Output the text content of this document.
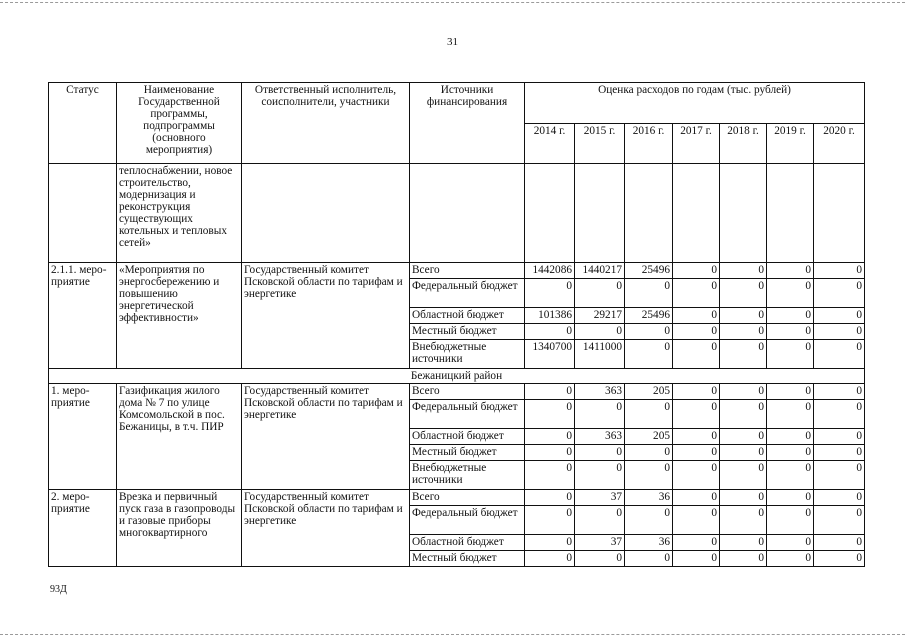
31
Статус	Наименование Государственной программы, подпрограммы (основного мероприятия)	Ответственный исполнитель, соисполнители, участники	Источники финансирования	Оценка расходов по годам (тыс. рублей)						
				2014 г.	2015 г.	2016 г.	2017 г.	2018 г.	2019 г.	2020 г.
	теплоснабжении, новое строительство, модернизация и реконструкция существующих котельных и тепловых сетей»									
2.1.1. меро-приятие	«Мероприятия по энергосбережению и повышению энергетической эффективности»	Государственный комитет Псковской области по тарифам и энергетике	Всего	1442086	1440217	25496	0	0	0	0
			Федеральный бюджет	0	0	0	0	0	0	0
			Областной бюджет	101386	29217	25496	0	0	0	0
			Местный бюджет	0	0	0	0	0	0	0
			Внебюджетные источники	1340700	1411000	0	0	0	0	0
Бежаницкий район										
1. меро-приятие	Газификация жилого дома № 7 по улице Комсомольской в пос. Бежаницы, в т.ч. ПИР	Государственный комитет Псковской области по тарифам и энергетике	Всего	0	363	205	0	0	0	0
			Федеральный бюджет	0	0	0	0	0	0	0
			Областной бюджет	0	363	205	0	0	0	0
			Местный бюджет	0	0	0	0	0	0	0
			Внебюджетные источники	0	0	0	0	0	0	0
2. меро-приятие	Врезка и первичный пуск газа в газопроводы и газовые приборы многоквартирного	Государственный комитет Псковской области по тарифам и энергетике	Всего	0	37	36	0	0	0	0
			Федеральный бюджет	0	0	0	0	0	0	0
			Областной бюджет	0	37	36	0	0	0	0
			Местный бюджет	0	0	0	0	0	0	0
93Д
